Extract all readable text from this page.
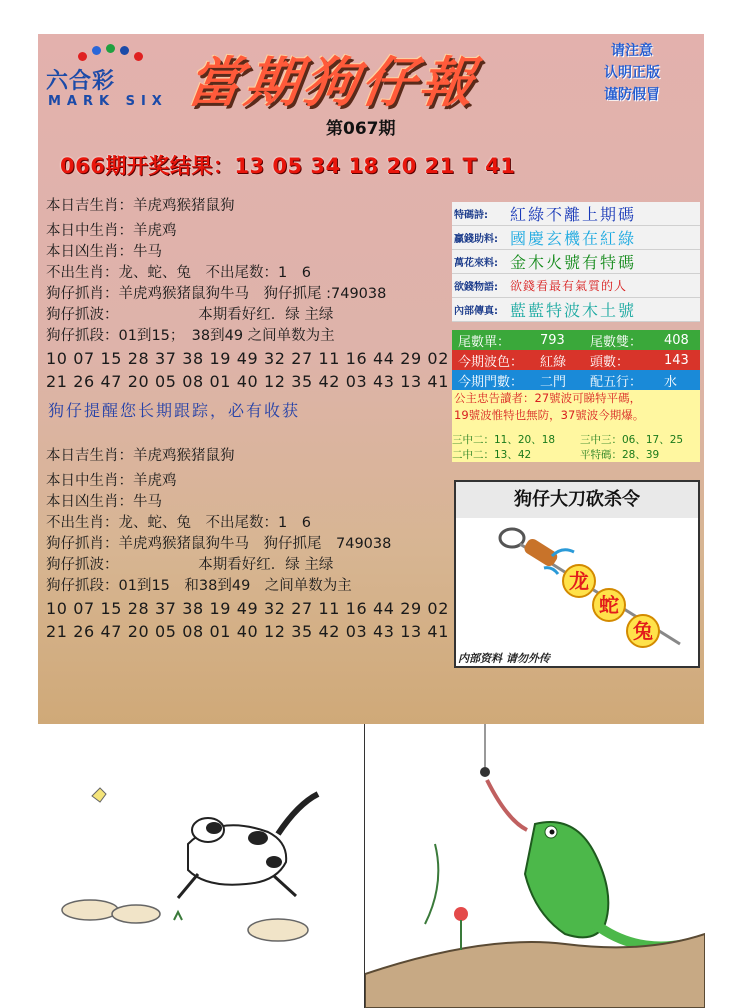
六合彩
MARK SIX 當期狗仔報	请注意
认明正版
谨防假冒
第067期
066期开奖结果：13 05 34 18 20 21 T 41
本日吉生肖：羊虎鸡猴猪鼠狗
本日中生肖：羊虎鸡
本日凶生肖：牛马
不出生肖：龙、蛇、兔　不出尾数：1　6
狗仔抓肖：羊虎鸡猴猪鼠狗牛马　狗仔抓尾 :749038
狗仔抓波：　　　　　　本期看好红．绿 主绿
狗仔抓段：01到15；　38到49 之间单数为主
10 07 15 28 37 38 19 49 32 27 11 16 44 29 02
21 26 47 20 05 08 01 40 12 35 42 03 43 13 41
狗仔提醒您长期跟踪，必有收获
本日吉生肖：羊虎鸡猴猪鼠狗
本日中生肖：羊虎鸡
本日凶生肖：牛马
不出生肖：龙、蛇、兔　不出尾数：1　6
狗仔抓肖：羊虎鸡猴猪鼠狗牛马　狗仔抓尾　749038
狗仔抓波：　　　　　　本期看好红．绿 主绿
狗仔抓段：01到15　和38到49　之间单数为主
10 07 15 28 37 38 19 49 32 27 11 16 44 29 02
21 26 47 20 05 08 01 40 12 35 42 03 43 13 41
特碼詩:	紅綠不離上期碼
贏錢助料: 國慶玄機在紅綠
萬花來料: 金木火號有特碼
欲錢物語:	欲錢看最有氣質的人
內部傳真: 藍藍特波木土號
尾數單：	793	尾數雙：	408
今期波色：	紅綠	頭數：	143
今期門數：	二門	配五行：	水
公主忠告讀者：27號波可睇特平碼，
19號波惟特也無防，37號波今期爆。
三中二：11、20、18	三中三：06、17、25
二中二：13、42	平特碼：28、39
狗仔大刀砍杀令
龙
蛇
兔
内部资料 请勿外传
